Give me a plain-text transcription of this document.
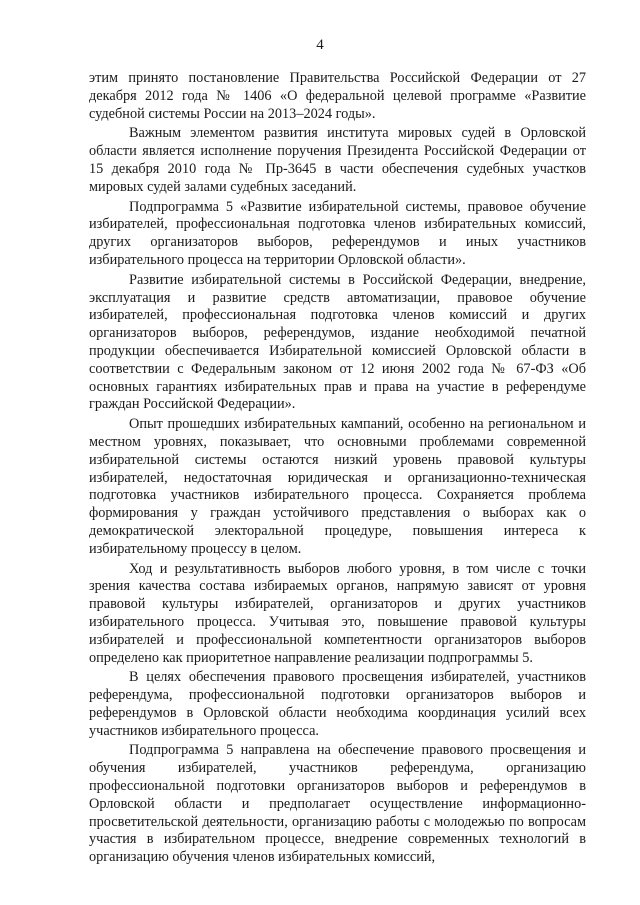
4

этим принято постановление Правительства Российской Федерации от 27 декабря 2012 года № 1406 «О федеральной целевой программе «Развитие судебной системы России на 2013–2024 годы».

Важным элементом развития института мировых судей в Орловской области является исполнение поручения Президента Российской Федерации от 15 декабря 2010 года № Пр-3645 в части обеспечения судебных участков мировых судей залами судебных заседаний.

Подпрограмма 5 «Развитие избирательной системы, правовое обучение избирателей, профессиональная подготовка членов избирательных комиссий, других организаторов выборов, референдумов и иных участников избирательного процесса на территории Орловской области».

Развитие избирательной системы в Российской Федерации, внедрение, эксплуатация и развитие средств автоматизации, правовое обучение избирателей, профессиональная подготовка членов комиссий и других организаторов выборов, референдумов, издание необходимой печатной продукции обеспечивается Избирательной комиссией Орловской области в соответствии с Федеральным законом от 12 июня 2002 года № 67-ФЗ «Об основных гарантиях избирательных прав и права на участие в референдуме граждан Российской Федерации».

Опыт прошедших избирательных кампаний, особенно на региональном и местном уровнях, показывает, что основными проблемами современной избирательной системы остаются низкий уровень правовой культуры избирателей, недостаточная юридическая и организационно-техническая подготовка участников избирательного процесса. Сохраняется проблема формирования у граждан устойчивого представления о выборах как о демократической электоральной процедуре, повышения интереса к избирательному процессу в целом.

Ход и результативность выборов любого уровня, в том числе с точки зрения качества состава избираемых органов, напрямую зависят от уровня правовой культуры избирателей, организаторов и других участников избирательного процесса. Учитывая это, повышение правовой культуры избирателей и профессиональной компетентности организаторов выборов определено как приоритетное направление реализации подпрограммы 5.

В целях обеспечения правового просвещения избирателей, участников референдума, профессиональной подготовки организаторов выборов и референдумов в Орловской области необходима координация усилий всех участников избирательного процесса.

Подпрограмма 5 направлена на обеспечение правового просвещения и обучения избирателей, участников референдума, организацию профессиональной подготовки организаторов выборов и референдумов в Орловской области и предполагает осуществление информационно-просветительской деятельности, организацию работы с молодежью по вопросам участия в избирательном процессе, внедрение современных технологий в организацию обучения членов избирательных комиссий,
